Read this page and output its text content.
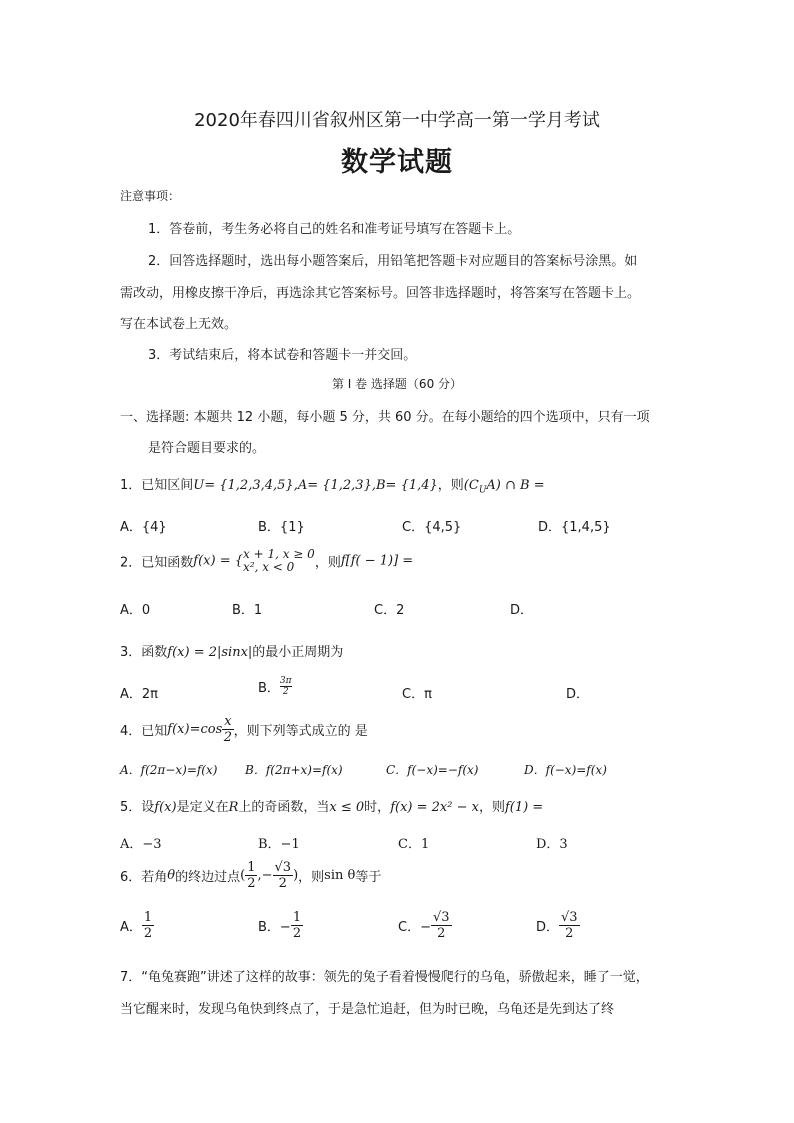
2020年春四川省叙州区第一中学高一第一学月考试
数学试题
注意事项：
1．答卷前，考生务必将自己的姓名和准考证号填写在答题卡上。
2．回答选择题时，选出每小题答案后，用铅笔把答题卡对应题目的答案标号涂黑。如
需改动，用橡皮擦干净后，再选涂其它答案标号。回答非选择题时，将答案写在答题卡上。
写在本试卷上无效。
3．考试结束后，将本试卷和答题卡一并交回。
第 I 卷 选择题（60 分）
一、选择题: 本题共 12 小题，每小题 5 分，共 60 分。在每小题给的四个选项中，只有一项
是符合题目要求的。
1．已知区间U= {1,2,3,4,5},A= {1,2,3},B= {1,4}，则$(C_UA)$ ∩ B =
A．{4}	B．{1}	C．{4,5}	D．{1,4,5}
2．已知函数f(x) = { x + 1, x ≥ 0
x², x < 0	，则f[f( − 1)] =
A．0	B．1	C．2	D．
3．函数f(x) = 2|sinx|的最小正周期为
A．2π	B． $\frac{3\pi}{2}$	C．π	D．
4．已知$f(x)=\cos \frac{x}{2}$ ，则下列等式成立的 是
A．f(2π−x)=f(x) B．f(2π+x)=f(x)	C．f(−x)=−f(x)	D．f(−x)=f(x)
5．设f(x)是定义在R上的奇函数，当x ≤ 0时，f(x) = 2x² − x，则f(1) =
A．−3	B．−1	C．1	D．3
6．若角θ的终边过点( $\frac{1}{2}$ ,− $\frac{√3}{2}$ )，则sin θ等于
A． $\frac{1}{2}$	B．− $\frac{1}{2}$	C．− $\frac{√3}{2}$	D． $\frac{√3}{2}$
7．“龟兔赛跑”讲述了这样的故事：领先的兔子看着慢慢爬行的乌龟，骄傲起来，睡了一觉，
当它醒来时，发现乌龟快到终点了，于是急忙追赶，但为时已晚，乌龟还是先到达了终
